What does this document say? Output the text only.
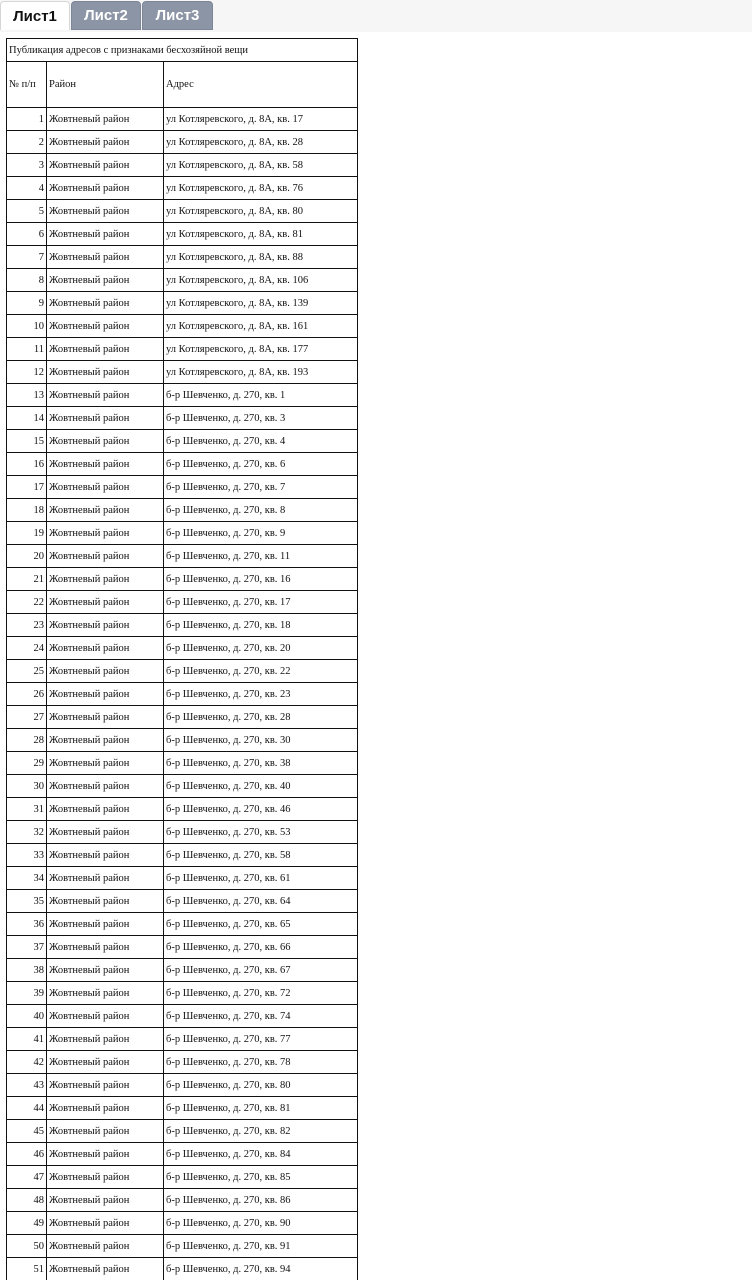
Лист1	Лист2	Лист3
Публикация адресов с признаками бесхозяйной вещи		
№ п/п	Район	Адрес
1	Жовтневый район	ул Котляревского, д. 8А, кв. 17
2	Жовтневый район	ул Котляревского, д. 8А, кв. 28
3	Жовтневый район	ул Котляревского, д. 8А, кв. 58
4	Жовтневый район	ул Котляревского, д. 8А, кв. 76
5	Жовтневый район	ул Котляревского, д. 8А, кв. 80
6	Жовтневый район	ул Котляревского, д. 8А, кв. 81
7	Жовтневый район	ул Котляревского, д. 8А, кв. 88
8	Жовтневый район	ул Котляревского, д. 8А, кв. 106
9	Жовтневый район	ул Котляревского, д. 8А, кв. 139
10	Жовтневый район	ул Котляревского, д. 8А, кв. 161
11	Жовтневый район	ул Котляревского, д. 8А, кв. 177
12	Жовтневый район	ул Котляревского, д. 8А, кв. 193
13	Жовтневый район	б-р Шевченко, д. 270, кв. 1
14	Жовтневый район	б-р Шевченко, д. 270, кв. 3
15	Жовтневый район	б-р Шевченко, д. 270, кв. 4
16	Жовтневый район	б-р Шевченко, д. 270, кв. 6
17	Жовтневый район	б-р Шевченко, д. 270, кв. 7
18	Жовтневый район	б-р Шевченко, д. 270, кв. 8
19	Жовтневый район	б-р Шевченко, д. 270, кв. 9
20	Жовтневый район	б-р Шевченко, д. 270, кв. 11
21	Жовтневый район	б-р Шевченко, д. 270, кв. 16
22	Жовтневый район	б-р Шевченко, д. 270, кв. 17
23	Жовтневый район	б-р Шевченко, д. 270, кв. 18
24	Жовтневый район	б-р Шевченко, д. 270, кв. 20
25	Жовтневый район	б-р Шевченко, д. 270, кв. 22
26	Жовтневый район	б-р Шевченко, д. 270, кв. 23
27	Жовтневый район	б-р Шевченко, д. 270, кв. 28
28	Жовтневый район	б-р Шевченко, д. 270, кв. 30
29	Жовтневый район	б-р Шевченко, д. 270, кв. 38
30	Жовтневый район	б-р Шевченко, д. 270, кв. 40
31	Жовтневый район	б-р Шевченко, д. 270, кв. 46
32	Жовтневый район	б-р Шевченко, д. 270, кв. 53
33	Жовтневый район	б-р Шевченко, д. 270, кв. 58
34	Жовтневый район	б-р Шевченко, д. 270, кв. 61
35	Жовтневый район	б-р Шевченко, д. 270, кв. 64
36	Жовтневый район	б-р Шевченко, д. 270, кв. 65
37	Жовтневый район	б-р Шевченко, д. 270, кв. 66
38	Жовтневый район	б-р Шевченко, д. 270, кв. 67
39	Жовтневый район	б-р Шевченко, д. 270, кв. 72
40	Жовтневый район	б-р Шевченко, д. 270, кв. 74
41	Жовтневый район	б-р Шевченко, д. 270, кв. 77
42	Жовтневый район	б-р Шевченко, д. 270, кв. 78
43	Жовтневый район	б-р Шевченко, д. 270, кв. 80
44	Жовтневый район	б-р Шевченко, д. 270, кв. 81
45	Жовтневый район	б-р Шевченко, д. 270, кв. 82
46	Жовтневый район	б-р Шевченко, д. 270, кв. 84
47	Жовтневый район	б-р Шевченко, д. 270, кв. 85
48	Жовтневый район	б-р Шевченко, д. 270, кв. 86
49	Жовтневый район	б-р Шевченко, д. 270, кв. 90
50	Жовтневый район	б-р Шевченко, д. 270, кв. 91
51	Жовтневый район	б-р Шевченко, д. 270, кв. 94
